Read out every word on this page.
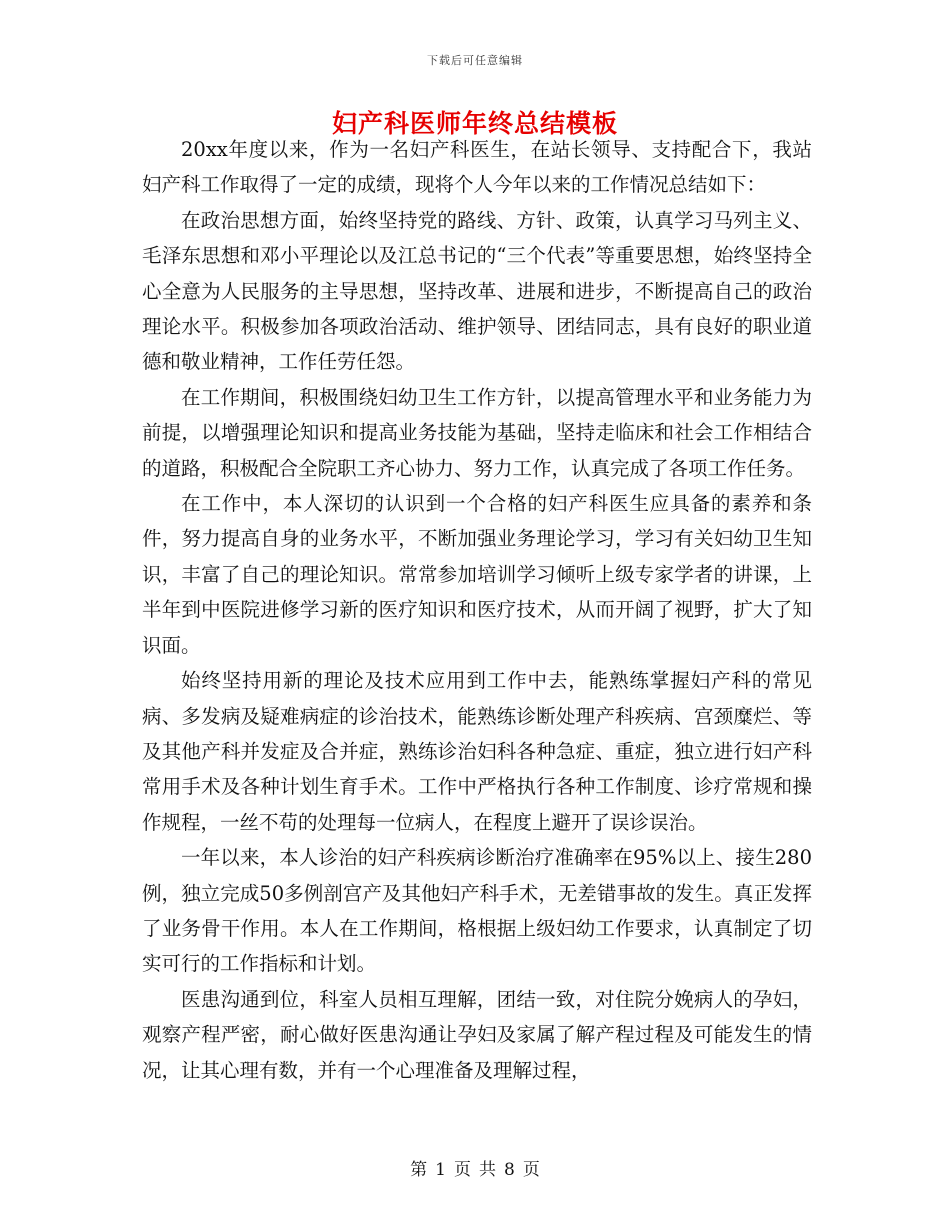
下载后可任意编辑
妇产科医师年终总结模板

20xx年度以来，作为一名妇产科医生，在站长领导、支持配合下，我站妇产科工作取得了一定的成绩，现将个人今年以来的工作情况总结如下：

在政治思想方面，始终坚持党的路线、方针、政策，认真学习马列主义、毛泽东思想和邓小平理论以及江总书记的“三个代表”等重要思想，始终坚持全心全意为人民服务的主导思想，坚持改革、进展和进步，不断提高自己的政治理论水平。积极参加各项政治活动、维护领导、团结同志，具有良好的职业道德和敬业精神，工作任劳任怨。

在工作期间，积极围绕妇幼卫生工作方针，以提高管理水平和业务能力为前提，以增强理论知识和提高业务技能为基础，坚持走临床和社会工作相结合的道路，积极配合全院职工齐心协力、努力工作，认真完成了各项工作任务。

在工作中，本人深切的认识到一个合格的妇产科医生应具备的素养和条件，努力提高自身的业务水平，不断加强业务理论学习，学习有关妇幼卫生知识，丰富了自己的理论知识。常常参加培训学习倾听上级专家学者的讲课，上半年到中医院进修学习新的医疗知识和医疗技术，从而开阔了视野，扩大了知识面。

始终坚持用新的理论及技术应用到工作中去，能熟练掌握妇产科的常见病、多发病及疑难病症的诊治技术，能熟练诊断处理产科疾病、宫颈糜烂、等及其他产科并发症及合并症，熟练诊治妇科各种急症、重症，独立进行妇产科常用手术及各种计划生育手术。工作中严格执行各种工作制度、诊疗常规和操作规程，一丝不苟的处理每一位病人，在程度上避开了误诊误治。

一年以来，本人诊治的妇产科疾病诊断治疗准确率在95%以上、接生280例，独立完成50多例剖宫产及其他妇产科手术，无差错事故的发生。真正发挥了业务骨干作用。本人在工作期间，格根据上级妇幼工作要求，认真制定了切实可行的工作指标和计划。

医患沟通到位，科室人员相互理解，团结一致，对住院分娩病人的孕妇，观察产程严密，耐心做好医患沟通让孕妇及家属了解产程过程及可能发生的情况，让其心理有数，并有一个心理准备及理解过程，

第 1 页 共 8 页
